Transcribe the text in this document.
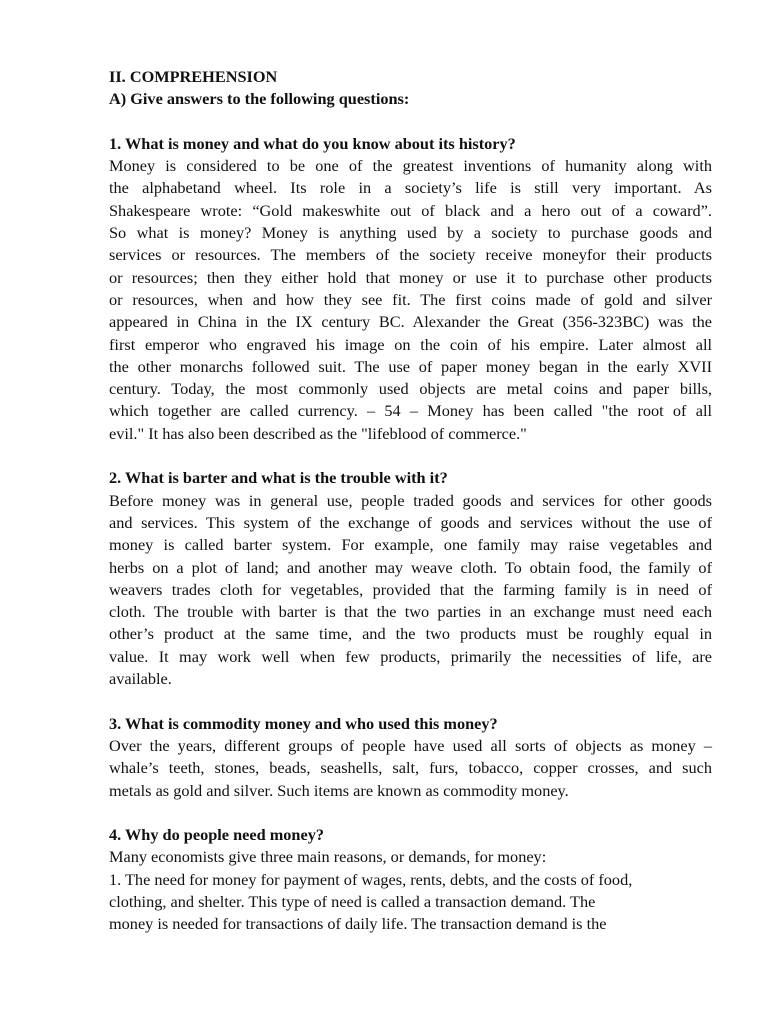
II. COMPREHENSION
A) Give answers to the following questions:
1. What is money and what do you know about its history?
Money is considered to be one of the greatest inventions of humanity along with
the alphabetand wheel. Its role in a society’s life is still very important. As
Shakespeare wrote: “Gold makeswhite out of black and a hero out of a coward”.
So what is money? Money is anything used by a society to purchase goods and
services or resources. The members of the society receive moneyfor their products
or resources; then they either hold that money or use it to purchase other products
or resources, when and how they see fit. The first coins made of gold and silver
appeared in China in the IX century BC. Alexander the Great (356-323BC) was the
first emperor who engraved his image on the coin of his empire. Later almost all
the other monarchs followed suit. The use of paper money began in the early XVII
century. Today, the most commonly used objects are metal coins and paper bills,
which together are called currency. – 54 – Money has been called "the root of all
evil." It has also been described as the "lifeblood of commerce."
2. What is barter and what is the trouble with it?
Before money was in general use, people traded goods and services for other goods
and services. This system of the exchange of goods and services without the use of
money is called barter system. For example, one family may raise vegetables and
herbs on a plot of land; and another may weave cloth. To obtain food, the family of
weavers trades cloth for vegetables, provided that the farming family is in need of
cloth. The trouble with barter is that the two parties in an exchange must need each
other’s product at the same time, and the two products must be roughly equal in
value. It may work well when few products, primarily the necessities of life, are
available.
3. What is commodity money and who used this money?
Over the years, different groups of people have used all sorts of objects as money –
whale’s teeth, stones, beads, seashells, salt, furs, tobacco, copper crosses, and such
metals as gold and silver. Such items are known as commodity money.
4. Why do people need money?
Many economists give three main reasons, or demands, for money:
1. The need for money for payment of wages, rents, debts, and the costs of food,
clothing, and shelter. This type of need is called a transaction demand. The
money is needed for transactions of daily life. The transaction demand is the
